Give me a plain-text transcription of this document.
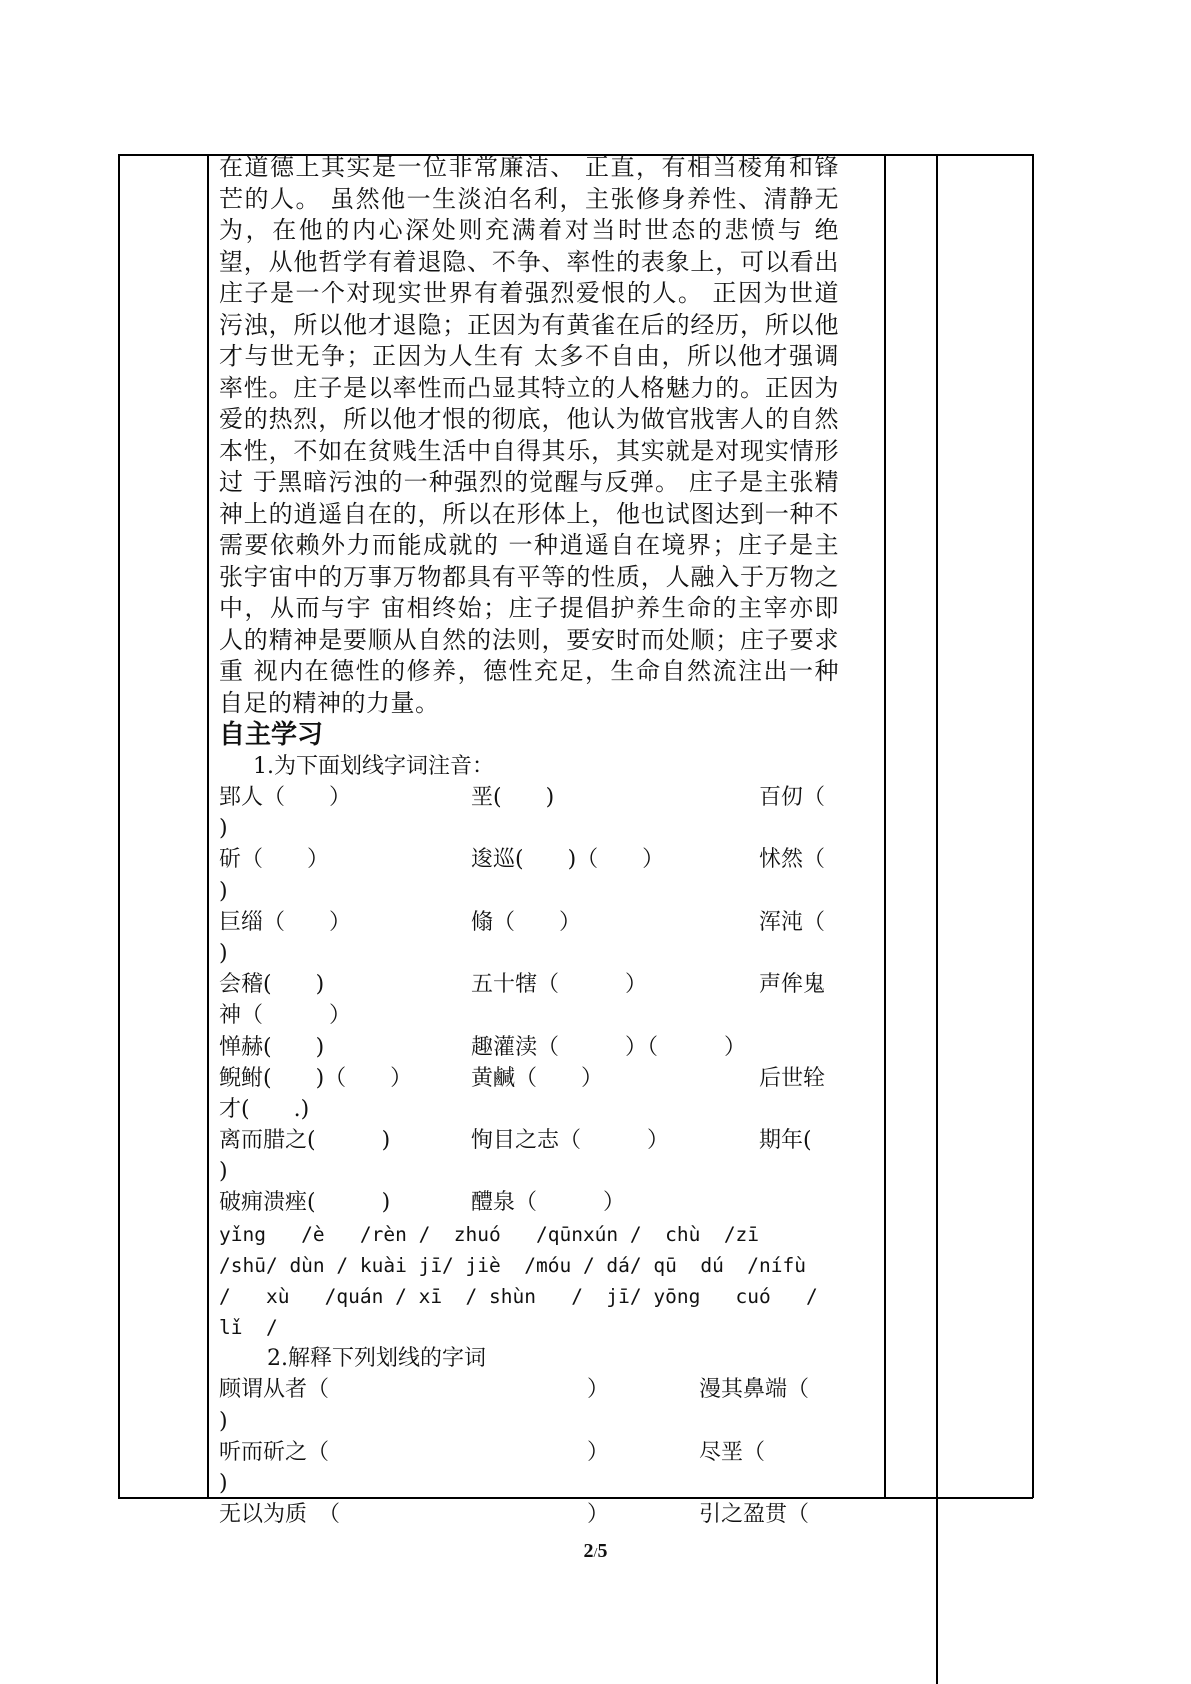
在道德上其实是一位非常廉洁、 正直，有相当棱角和锋芒的人。 虽然他一生淡泊名利，主张修身养性、清静无为，在他的内心深处则充满着对当时世态的悲愤与 绝望，从他哲学有着退隐、不争、率性的表象上，可以看出庄子是一个对现实世界有着强烈爱恨的人。 正因为世道污浊，所以他才退隐；正因为有黄雀在后的经历，所以他才与世无争；正因为人生有 太多不自由，所以他才强调率性。庄子是以率性而凸显其特立的人格魅力的。正因为爱的热烈，所以他才恨的彻底，他认为做官戕害人的自然本性，不如在贫贱生活中自得其乐，其实就是对现实情形过 于黑暗污浊的一种强烈的觉醒与反弹。 庄子是主张精神上的逍遥自在的，所以在形体上，他也试图达到一种不需要依赖外力而能成就的 一种逍遥自在境界；庄子是主张宇宙中的万事万物都具有平等的性质，人融入于万物之中，从而与宇 宙相终始；庄子提倡护养生命的主宰亦即人的精神是要顺从自然的法则，要安时而处顺；庄子要求重 视内在德性的修养，德性充足，生命自然流注出一种自足的精神的力量。

自主学习

1.为下面划线字词注音：

郢人（　　）	垩(　　)	百仞（
)
斫（　　）	逡巡(　　)（　　）	怵然（
)
巨缁（　　）	翛（　　）	浑沌（
)
会稽(　　)	五十犗（　　　）	声侔鬼
神（　　　）
惮赫(　　)	趣灌渎（　　　）（　　　）
鲵鲋(　　)（　　）	黄鹹（　　）	后世辁
才(　　.)
离而腊之(　　　)	恂目之志（　　　）	期年(
)
破痈溃痤(　　　)	醴泉（　　　）
yǐng   /è   /rèn /  zhuó   /qūnxún /  chù  /zī
/shū/ dùn / kuài jī/ jiè  /móu / dá/ qū  dú  /nífù
/   xù   /quán / xī  / shùn   /  jī/ yōng   cuó   /
lǐ  /

2.解释下列划线的字词

顾谓从者（	）	漫其鼻端（
)
听而斫之（	）	尽垩（
)
无以为质　（	）	引之盈贯（
2/5
